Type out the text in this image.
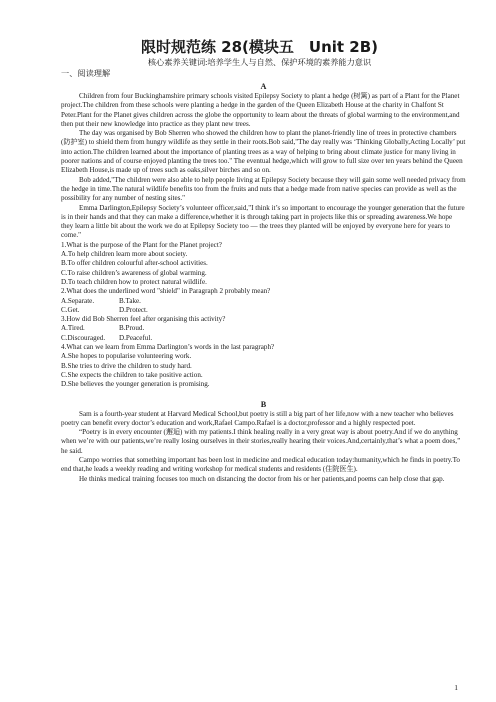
限时规范练 28(模块五　Unit 2B)
核心素养关键词:培养学生人与自然、保护环境的素养能力意识
一、阅读理解
A

Children from four Buckinghamshire primary schools visited Epilepsy Society to plant a hedge (树篱) as part of a Plant for the Planet project.The children from these schools were planting a hedge in the garden of the Queen Elizabeth House at the charity in Chalfont St Peter.Plant for the Planet gives children across the globe the opportunity to learn about the threats of global warming to the environment,and then put their new knowledge into practice as they plant new trees.

The day was organised by Bob Sherren who showed the children how to plant the planet-friendly line of trees in protective chambers (防护室) to shield them from hungry wildlife as they settle in their roots.Bob said,"The day really was ‘Thinking Globally,Acting Locally’ put into action.The children learned about the importance of planting trees as a way of helping to bring about climate justice for many living in poorer nations and of course enjoyed planting the trees too." The eventual hedge,which will grow to full size over ten years behind the Queen Elizabeth House,is made up of trees such as oaks,silver birches and so on.

Bob added,"The children were also able to help people living at Epilepsy Society because they will gain some well needed privacy from the hedge in time.The natural wildlife benefits too from the fruits and nuts that a hedge made from native species can provide as well as the possibility for any number of nesting sites."

Emma Darlington,Epilepsy Society’s volunteer officer,said,"I think it’s so important to encourage the younger generation that the future is in their hands and that they can make a difference,whether it is through taking part in projects like this or spreading awareness.We hope they learn a little bit about the work we do at Epilepsy Society too — the trees they planted will be enjoyed by everyone here for years to come."

1.What is the purpose of the Plant for the Planet project?
A.To help children learn more about society.
B.To offer children colourful after-school activities.
C.To raise children’s awareness of global warming.
D.To teach children how to protect natural wildlife.
2.What does the underlined word "shield" in Paragraph 2 probably mean?
A.Separate.	B.Take.
C.Get.	D.Protect.
3.How did Bob Sherren feel after organising this activity?
A.Tired.	B.Proud.
C.Discouraged.	D.Peaceful.
4.What can we learn from Emma Darlington’s words in the last paragraph?
A.She hopes to popularise volunteering work.
B.She tries to drive the children to study hard.
C.She expects the children to take positive action.
D.She believes the younger generation is promising.
B

Sam is a fourth-year student at Harvard Medical School,but poetry is still a big part of her life,now with a new teacher who believes poetry can benefit every doctor’s education and work,Rafael Campo.Rafael is a doctor,professor and a highly respected poet.

“Poetry is in every encounter (邂逅) with my patients.I think healing really in a very great way is about poetry.And if we do anything when we’re with our patients,we’re really losing ourselves in their stories,really hearing their voices.And,certainly,that’s what a poem does,” he said.

Campo worries that something important has been lost in medicine and medical education today:humanity,which he finds in poetry.To end that,he leads a weekly reading and writing workshop for medical students and residents (住院医生).

He thinks medical training focuses too much on distancing the doctor from his or her patients,and poems can help close that gap.

1
